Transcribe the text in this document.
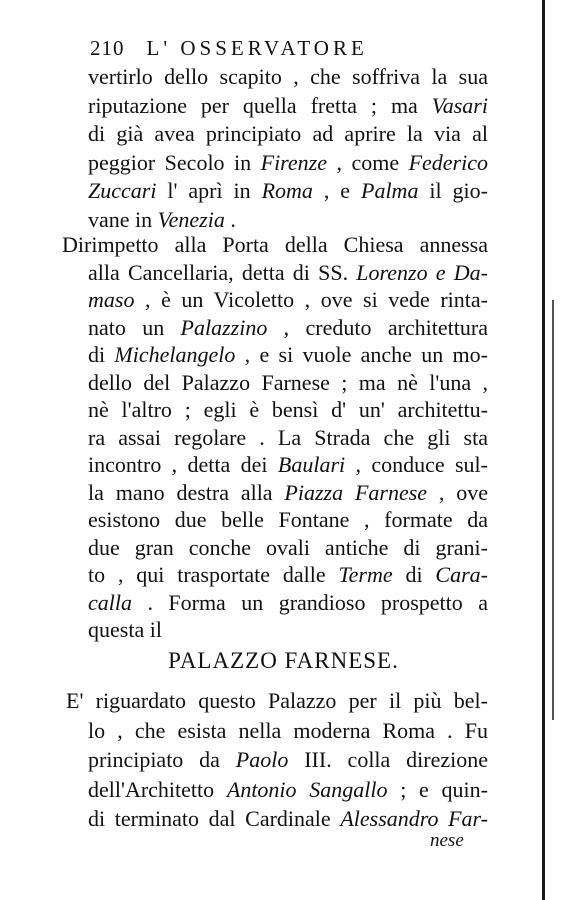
210 L' OSSERVATORE
vertirlo dello scapito , che soffriva la sua
riputazione per quella fretta ; ma Vasari
di già avea principiato ad aprire la via al
peggior Secolo in Firenze , come Federico
Zuccari l' aprì in Roma , e Palma il gio-
vane in Venezia .
Dirimpetto alla Porta della Chiesa annessa
alla Cancellaria, detta di SS. Lorenzo e Da-
maso , è un Vicoletto , ove si vede rinta-
nato un Palazzino , creduto architettura
di Michelangelo , e si vuole anche un mo-
dello del Palazzo Farnese ; ma nè l'una ,
nè l'altro ; egli è bensì d' un' architettu-
ra assai regolare . La Strada che gli sta
incontro , detta dei Baulari , conduce sul-
la mano destra alla Piazza Farnese , ove
esistono due belle Fontane , formate da
due gran conche ovali antiche di grani-
to , qui trasportate dalle Terme di Cara-
calla . Forma un grandioso prospetto a
questa il
PALAZZO FARNESE.
E' riguardato questo Palazzo per il più bel-
lo , che esista nella moderna Roma . Fu
principiato da Paolo III. colla direzione
dell'Architetto Antonio Sangallo ; e quin-
di terminato dal Cardinale Alessandro Far-
nese
